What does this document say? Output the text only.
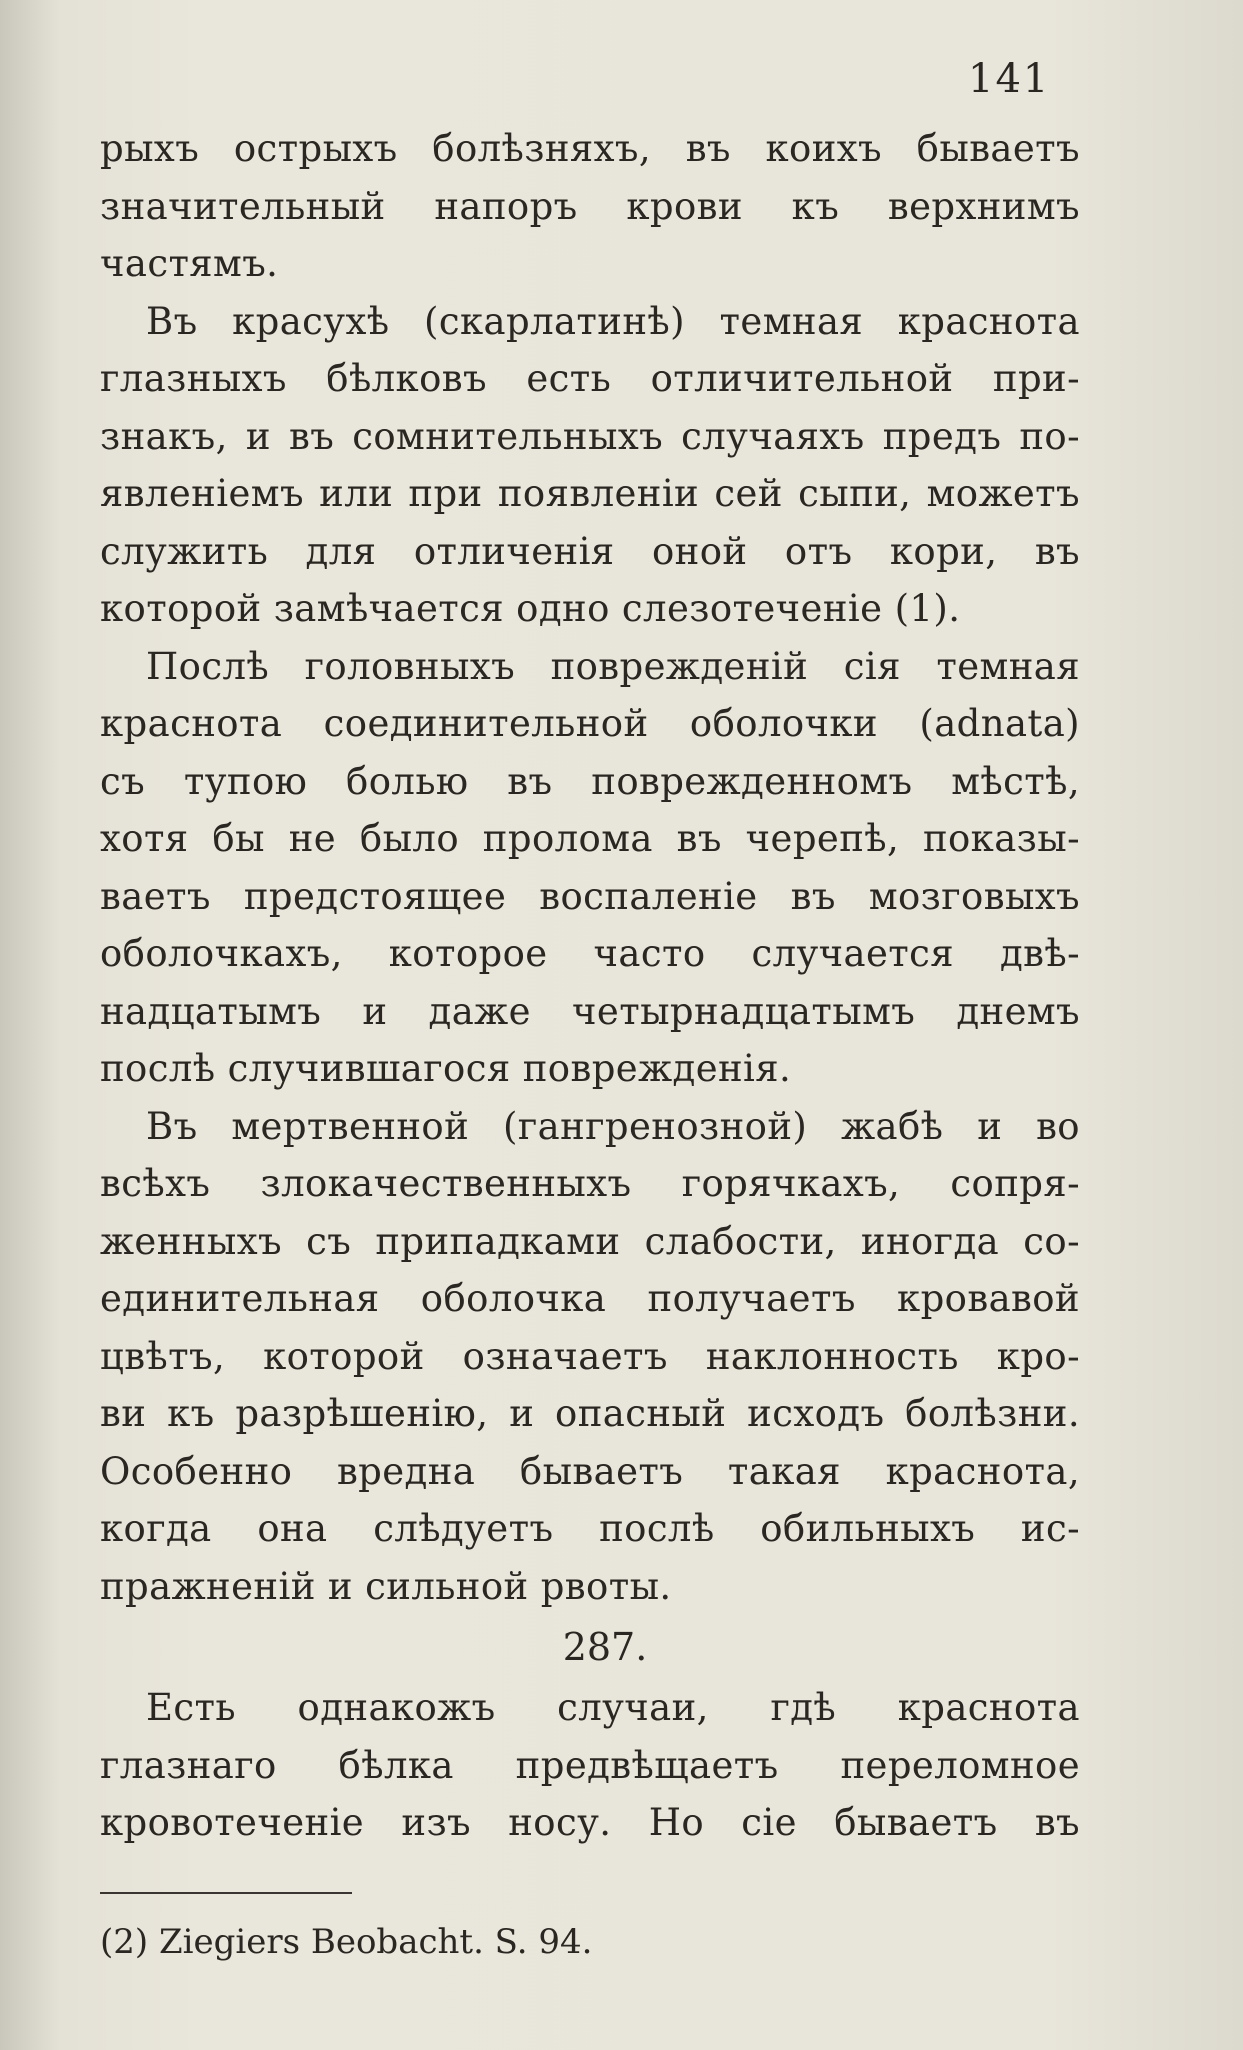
141
рыхъ острыхъ болѣзняхъ, въ коихъ бываетъ
значительный напоръ крови къ верхнимъ
частямъ.
Въ красухѣ (скарлатинѣ) темная краснота
глазныхъ бѣлковъ есть отличительной при-
знакъ, и въ сомнительныхъ случаяхъ предъ по-
явленіемъ или при появленіи сей сыпи, можетъ
служить для отличенія оной отъ кори, въ
которой замѣчается одно слезотеченіе (1).
Послѣ головныхъ поврежденій сія темная
краснота соединительной оболочки (adnata)
съ тупою болью въ поврежденномъ мѣстѣ,
хотя бы не было пролома въ черепѣ, показы-
ваетъ предстоящее воспаленіе въ мозговыхъ
оболочкахъ, которое часто случается двѣ-
надцатымъ и даже четырнадцатымъ днемъ
послѣ случившагося поврежденія.
Въ мертвенной (гангренозной) жабѣ и во
всѣхъ злокачественныхъ горячкахъ, сопря-
женныхъ съ припадками слабости, иногда со-
единительная оболочка получаетъ кровавой
цвѣтъ, которой означаетъ наклонность кро-
ви къ разрѣшенію, и опасный исходъ болѣзни.
Особенно вредна бываетъ такая краснота,
когда она слѣдуетъ послѣ обильныхъ ис-
пражненій и сильной рвоты.
287.
Есть однакожъ случаи, гдѣ краснота
глазнаго бѣлка предвѣщаетъ переломное
кровотеченіе изъ носу. Но сіе бываетъ въ
(2) Ziegiers Beobacht. S. 94.
